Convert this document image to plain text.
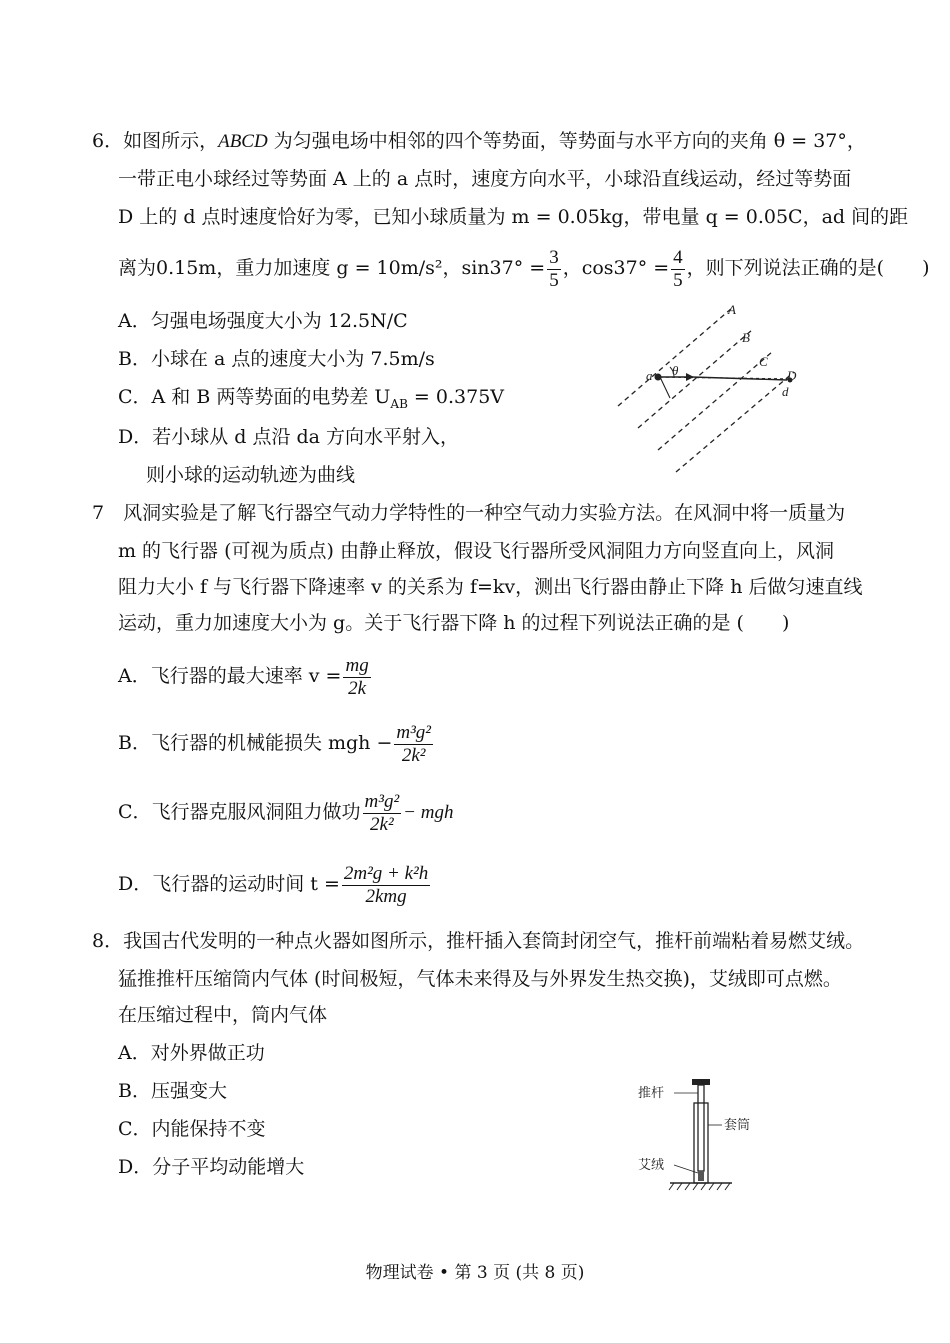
6．如图所示，ABCD 为匀强电场中相邻的四个等势面，等势面与水平方向的夹角 θ = 37°，
一带正电小球经过等势面 A 上的 a 点时，速度方向水平，小球沿直线运动，经过等势面
D 上的 d 点时速度恰好为零，已知小球质量为 m = 0.05kg，带电量 q = 0.05C，ad 间的距
离为0.15m，重力加速度 g = 10m/s²，$\sin 37^\circ = \frac{3}{5}$ ，$\cos 37^\circ = \frac{4}{5}$ ，则下列说法正确的是(　　)
A．匀强电场强度大小为 12.5N/C
B．小球在 a 点的速度大小为 7.5m/s
C．A 和 B 两等势面的电势差 $U_{AB} = 0.375V$
D．若小球从 d 点沿 da 方向水平射入，
则小球的运动轨迹为曲线
A
B
C
D
a
d
θ
7　风洞实验是了解飞行器空气动力学特性的一种空气动力实验方法。在风洞中将一质量为
m 的飞行器 (可视为质点) 由静止释放，假设飞行器所受风洞阻力方向竖直向上，风洞
阻力大小 f 与飞行器下降速率 v 的关系为 f=kv，测出飞行器由静止下降 h 后做匀速直线
运动，重力加速度大小为 g。关于飞行器下降 h 的过程下列说法正确的是 (　　)
A．飞行器的最大速率 $v = \frac{mg}{2k}$
B．飞行器的机械能损失 mgh − $\frac{\text{m³g²}}{\text{2k²}}$
C．飞行器克服风洞阻力做功 $\frac{\text{m³g²}}{\text{2k²}}$ − mgh
D．飞行器的运动时间 $t = \frac{\text{2m²g + k²h}}{\text{2kmg}}$
8．我国古代发明的一种点火器如图所示，推杆插入套筒封闭空气，推杆前端粘着易燃艾绒。
猛推推杆压缩筒内气体 (时间极短，气体未来得及与外界发生热交换)，艾绒即可点燃。
在压缩过程中，筒内气体
A．对外界做正功
B．压强变大
C．内能保持不变
D．分子平均动能增大
推杆
套筒
艾绒
物理试卷 • 第 3 页 (共 8 页)
